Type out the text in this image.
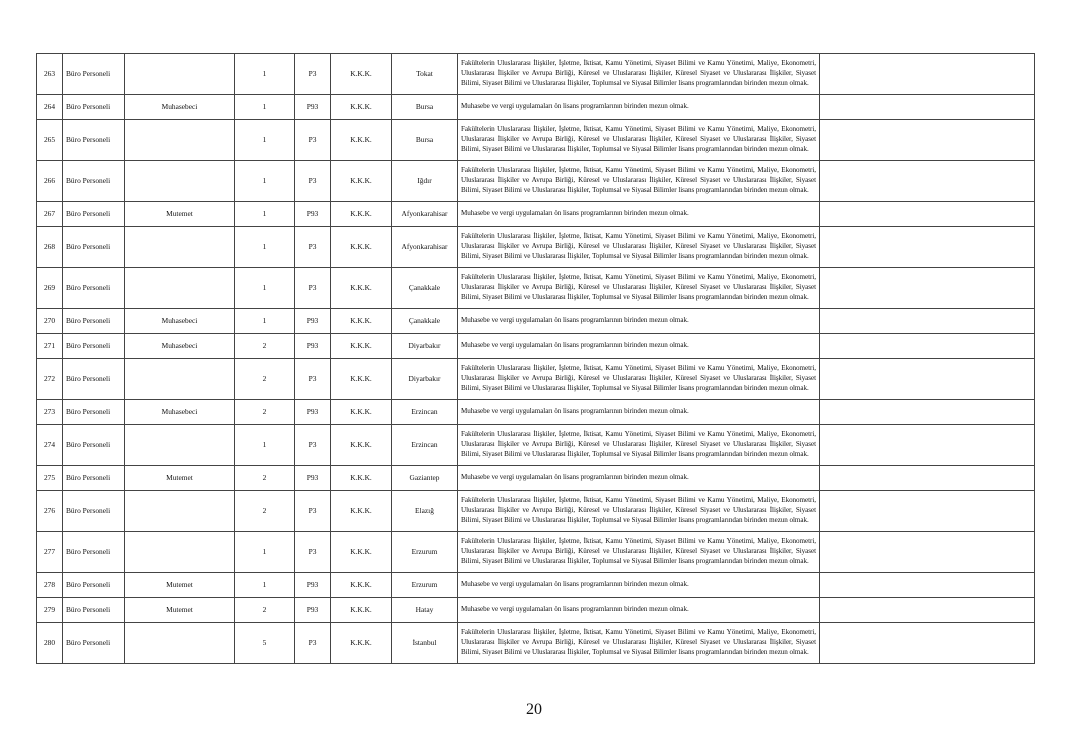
263	Büro Personeli		1	P3	K.K.K.	Tokat	Fakültelerin Uluslararası İlişkiler, İşletme, İktisat, Kamu Yönetimi, Siyaset Bilimi ve Kamu Yönetimi, Maliye, Ekonometri, Uluslararası İlişkiler ve Avrupa Birliği, Küresel ve Uluslararası İlişkiler, Küresel Siyaset ve Uluslararası İlişkiler, Siyaset Bilimi, Siyaset Bilimi ve Uluslararası İlişkiler, Toplumsal ve Siyasal Bilimler lisans programlarından birinden mezun olmak.	
264	Büro Personeli	Muhasebeci	1	P93	K.K.K.	Bursa	Muhasebe ve vergi uygulamaları ön lisans programlarının birinden mezun olmak.	
265	Büro Personeli		1	P3	K.K.K.	Bursa	Fakültelerin Uluslararası İlişkiler, İşletme, İktisat, Kamu Yönetimi, Siyaset Bilimi ve Kamu Yönetimi, Maliye, Ekonometri, Uluslararası İlişkiler ve Avrupa Birliği, Küresel ve Uluslararası İlişkiler, Küresel Siyaset ve Uluslararası İlişkiler, Siyaset Bilimi, Siyaset Bilimi ve Uluslararası İlişkiler, Toplumsal ve Siyasal Bilimler lisans programlarından birinden mezun olmak.	
266	Büro Personeli		1	P3	K.K.K.	Iğdır	Fakültelerin Uluslararası İlişkiler, İşletme, İktisat, Kamu Yönetimi, Siyaset Bilimi ve Kamu Yönetimi, Maliye, Ekonometri, Uluslararası İlişkiler ve Avrupa Birliği, Küresel ve Uluslararası İlişkiler, Küresel Siyaset ve Uluslararası İlişkiler, Siyaset Bilimi, Siyaset Bilimi ve Uluslararası İlişkiler, Toplumsal ve Siyasal Bilimler lisans programlarından birinden mezun olmak.	
267	Büro Personeli	Mutemet	1	P93	K.K.K.	Afyonkarahisar	Muhasebe ve vergi uygulamaları ön lisans programlarının birinden mezun olmak.	
268	Büro Personeli		1	P3	K.K.K.	Afyonkarahisar	Fakültelerin Uluslararası İlişkiler, İşletme, İktisat, Kamu Yönetimi, Siyaset Bilimi ve Kamu Yönetimi, Maliye, Ekonometri, Uluslararası İlişkiler ve Avrupa Birliği, Küresel ve Uluslararası İlişkiler, Küresel Siyaset ve Uluslararası İlişkiler, Siyaset Bilimi, Siyaset Bilimi ve Uluslararası İlişkiler, Toplumsal ve Siyasal Bilimler lisans programlarından birinden mezun olmak.	
269	Büro Personeli		1	P3	K.K.K.	Çanakkale	Fakültelerin Uluslararası İlişkiler, İşletme, İktisat, Kamu Yönetimi, Siyaset Bilimi ve Kamu Yönetimi, Maliye, Ekonometri, Uluslararası İlişkiler ve Avrupa Birliği, Küresel ve Uluslararası İlişkiler, Küresel Siyaset ve Uluslararası İlişkiler, Siyaset Bilimi, Siyaset Bilimi ve Uluslararası İlişkiler, Toplumsal ve Siyasal Bilimler lisans programlarından birinden mezun olmak.	
270	Büro Personeli	Muhasebeci	1	P93	K.K.K.	Çanakkale	Muhasebe ve vergi uygulamaları ön lisans programlarının birinden mezun olmak.	
271	Büro Personeli	Muhasebeci	2	P93	K.K.K.	Diyarbakır	Muhasebe ve vergi uygulamaları ön lisans programlarının birinden mezun olmak.	
272	Büro Personeli		2	P3	K.K.K.	Diyarbakır	Fakültelerin Uluslararası İlişkiler, İşletme, İktisat, Kamu Yönetimi, Siyaset Bilimi ve Kamu Yönetimi, Maliye, Ekonometri, Uluslararası İlişkiler ve Avrupa Birliği, Küresel ve Uluslararası İlişkiler, Küresel Siyaset ve Uluslararası İlişkiler, Siyaset Bilimi, Siyaset Bilimi ve Uluslararası İlişkiler, Toplumsal ve Siyasal Bilimler lisans programlarından birinden mezun olmak.	
273	Büro Personeli	Muhasebeci	2	P93	K.K.K.	Erzincan	Muhasebe ve vergi uygulamaları ön lisans programlarının birinden mezun olmak.	
274	Büro Personeli		1	P3	K.K.K.	Erzincan	Fakültelerin Uluslararası İlişkiler, İşletme, İktisat, Kamu Yönetimi, Siyaset Bilimi ve Kamu Yönetimi, Maliye, Ekonometri, Uluslararası İlişkiler ve Avrupa Birliği, Küresel ve Uluslararası İlişkiler, Küresel Siyaset ve Uluslararası İlişkiler, Siyaset Bilimi, Siyaset Bilimi ve Uluslararası İlişkiler, Toplumsal ve Siyasal Bilimler lisans programlarından birinden mezun olmak.	
275	Büro Personeli	Mutemet	2	P93	K.K.K.	Gaziantep	Muhasebe ve vergi uygulamaları ön lisans programlarının birinden mezun olmak.	
276	Büro Personeli		2	P3	K.K.K.	Elazığ	Fakültelerin Uluslararası İlişkiler, İşletme, İktisat, Kamu Yönetimi, Siyaset Bilimi ve Kamu Yönetimi, Maliye, Ekonometri, Uluslararası İlişkiler ve Avrupa Birliği, Küresel ve Uluslararası İlişkiler, Küresel Siyaset ve Uluslararası İlişkiler, Siyaset Bilimi, Siyaset Bilimi ve Uluslararası İlişkiler, Toplumsal ve Siyasal Bilimler lisans programlarından birinden mezun olmak.	
277	Büro Personeli		1	P3	K.K.K.	Erzurum	Fakültelerin Uluslararası İlişkiler, İşletme, İktisat, Kamu Yönetimi, Siyaset Bilimi ve Kamu Yönetimi, Maliye, Ekonometri, Uluslararası İlişkiler ve Avrupa Birliği, Küresel ve Uluslararası İlişkiler, Küresel Siyaset ve Uluslararası İlişkiler, Siyaset Bilimi, Siyaset Bilimi ve Uluslararası İlişkiler, Toplumsal ve Siyasal Bilimler lisans programlarından birinden mezun olmak.	
278	Büro Personeli	Mutemet	1	P93	K.K.K.	Erzurum	Muhasebe ve vergi uygulamaları ön lisans programlarının birinden mezun olmak.	
279	Büro Personeli	Mutemet	2	P93	K.K.K.	Hatay	Muhasebe ve vergi uygulamaları ön lisans programlarının birinden mezun olmak.	
280	Büro Personeli		5	P3	K.K.K.	İstanbul	Fakültelerin Uluslararası İlişkiler, İşletme, İktisat, Kamu Yönetimi, Siyaset Bilimi ve Kamu Yönetimi, Maliye, Ekonometri, Uluslararası İlişkiler ve Avrupa Birliği, Küresel ve Uluslararası İlişkiler, Küresel Siyaset ve Uluslararası İlişkiler, Siyaset Bilimi, Siyaset Bilimi ve Uluslararası İlişkiler, Toplumsal ve Siyasal Bilimler lisans programlarından birinden mezun olmak.	
20
